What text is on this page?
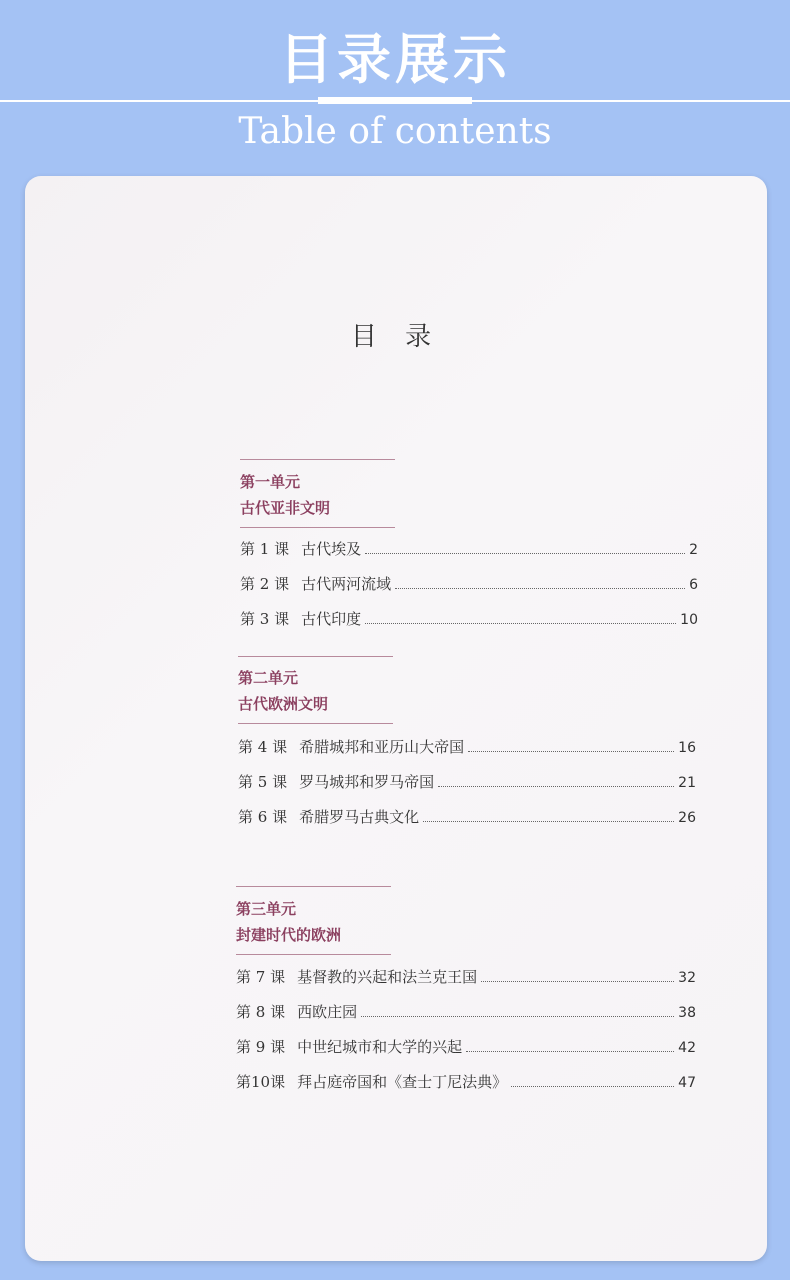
目录展示
Table of contents
目 录
第一单元
古代亚非文明
第 1 课 古代埃及	2
第 2 课 古代两河流域	6
第 3 课 古代印度	10
第二单元
古代欧洲文明
第 4 课 希腊城邦和亚历山大帝国	16
第 5 课 罗马城邦和罗马帝国	21
第 6 课 希腊罗马古典文化	26
第三单元
封建时代的欧洲
第 7 课 基督教的兴起和法兰克王国	32
第 8 课 西欧庄园	38
第 9 课 中世纪城市和大学的兴起	42
第10课 拜占庭帝国和《查士丁尼法典》	47
